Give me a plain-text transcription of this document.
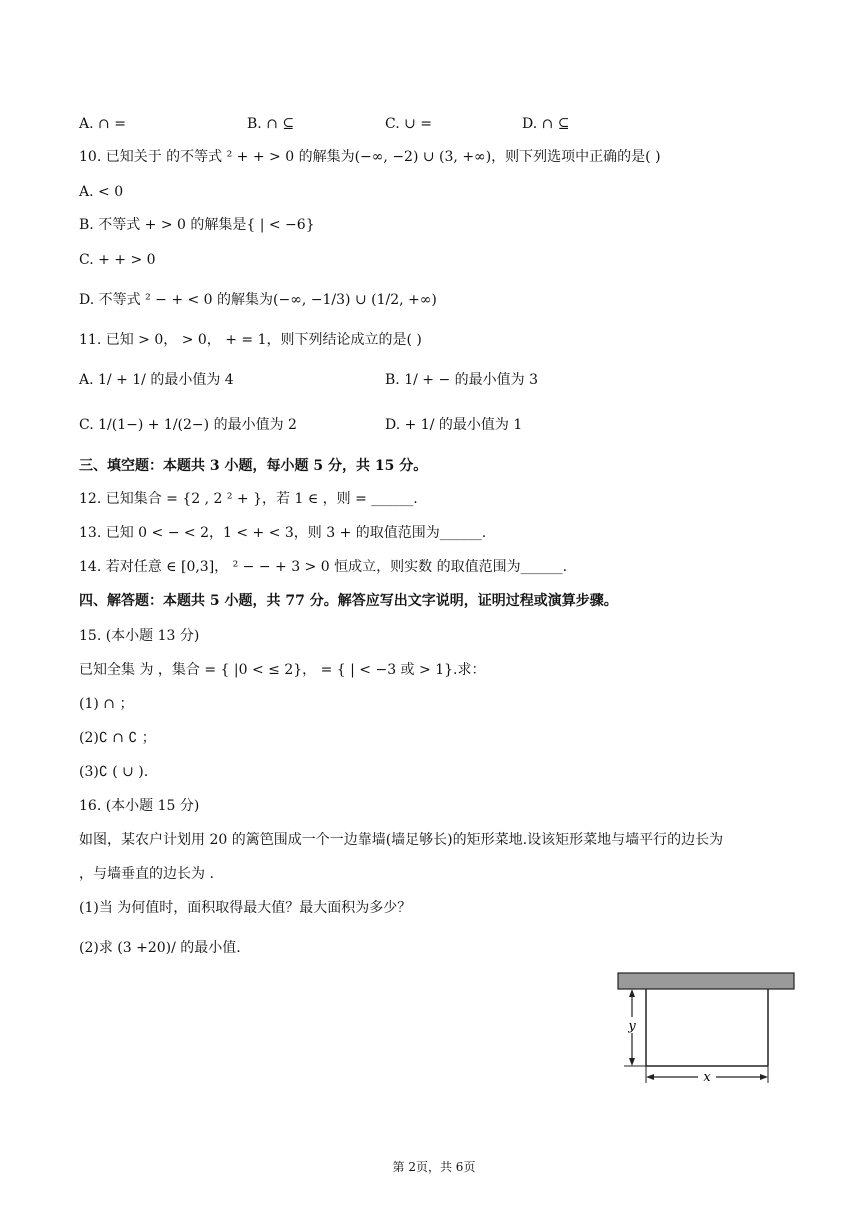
A. ∩ =	B. ∩ ⊆	C. ∪ =	D. ∩ ⊆
10. 已知关于 的不等式 ² + + > 0 的解集为(−∞, −2) ∪ (3, +∞)，则下列选项中正确的是( )
A. < 0
B. 不等式 + > 0 的解集是{ | < −6}
C. + + > 0
D. 不等式 ² − + < 0 的解集为(−∞, −1/3) ∪ (1/2, +∞)
11. 已知 > 0， > 0， + = 1，则下列结论成立的是( )
A. 1/ + 1/ 的最小值为 4	B. 1/ + − 的最小值为 3
C. 1/(1−) + 1/(2−) 的最小值为 2	D. + 1/ 的最小值为 1
三、填空题：本题共 3 小题，每小题 5 分，共 15 分。
12. 已知集合 = {2 , 2 ² + }，若 1 ∈ ，则 = ______.
13. 已知 0 < − < 2，1 < + < 3，则 3 + 的取值范围为______.
14. 若对任意 ∈ [0,3]， ² − − + 3 > 0 恒成立，则实数 的取值范围为______.
四、解答题：本题共 5 小题，共 77 分。解答应写出文字说明，证明过程或演算步骤。
15. (本小题 13 分)
已知全集 为 ，集合 = { |0 < ≤ 2}， = { | < −3 或 > 1}.求：
(1) ∩ ；
(2)∁ ∩ ∁ ；
(3)∁ ( ∪ ).
16. (本小题 15 分)
如图，某农户计划用 20 的篱笆围成一个一边靠墙(墙足够长)的矩形菜地.设该矩形菜地与墙平行的边长为
，与墙垂直的边长为 .
(1)当 为何值时，面积取得最大值？最大面积为多少？
(2)求 (3 +20)/ 的最小值.
y
x
第 2页，共 6页
